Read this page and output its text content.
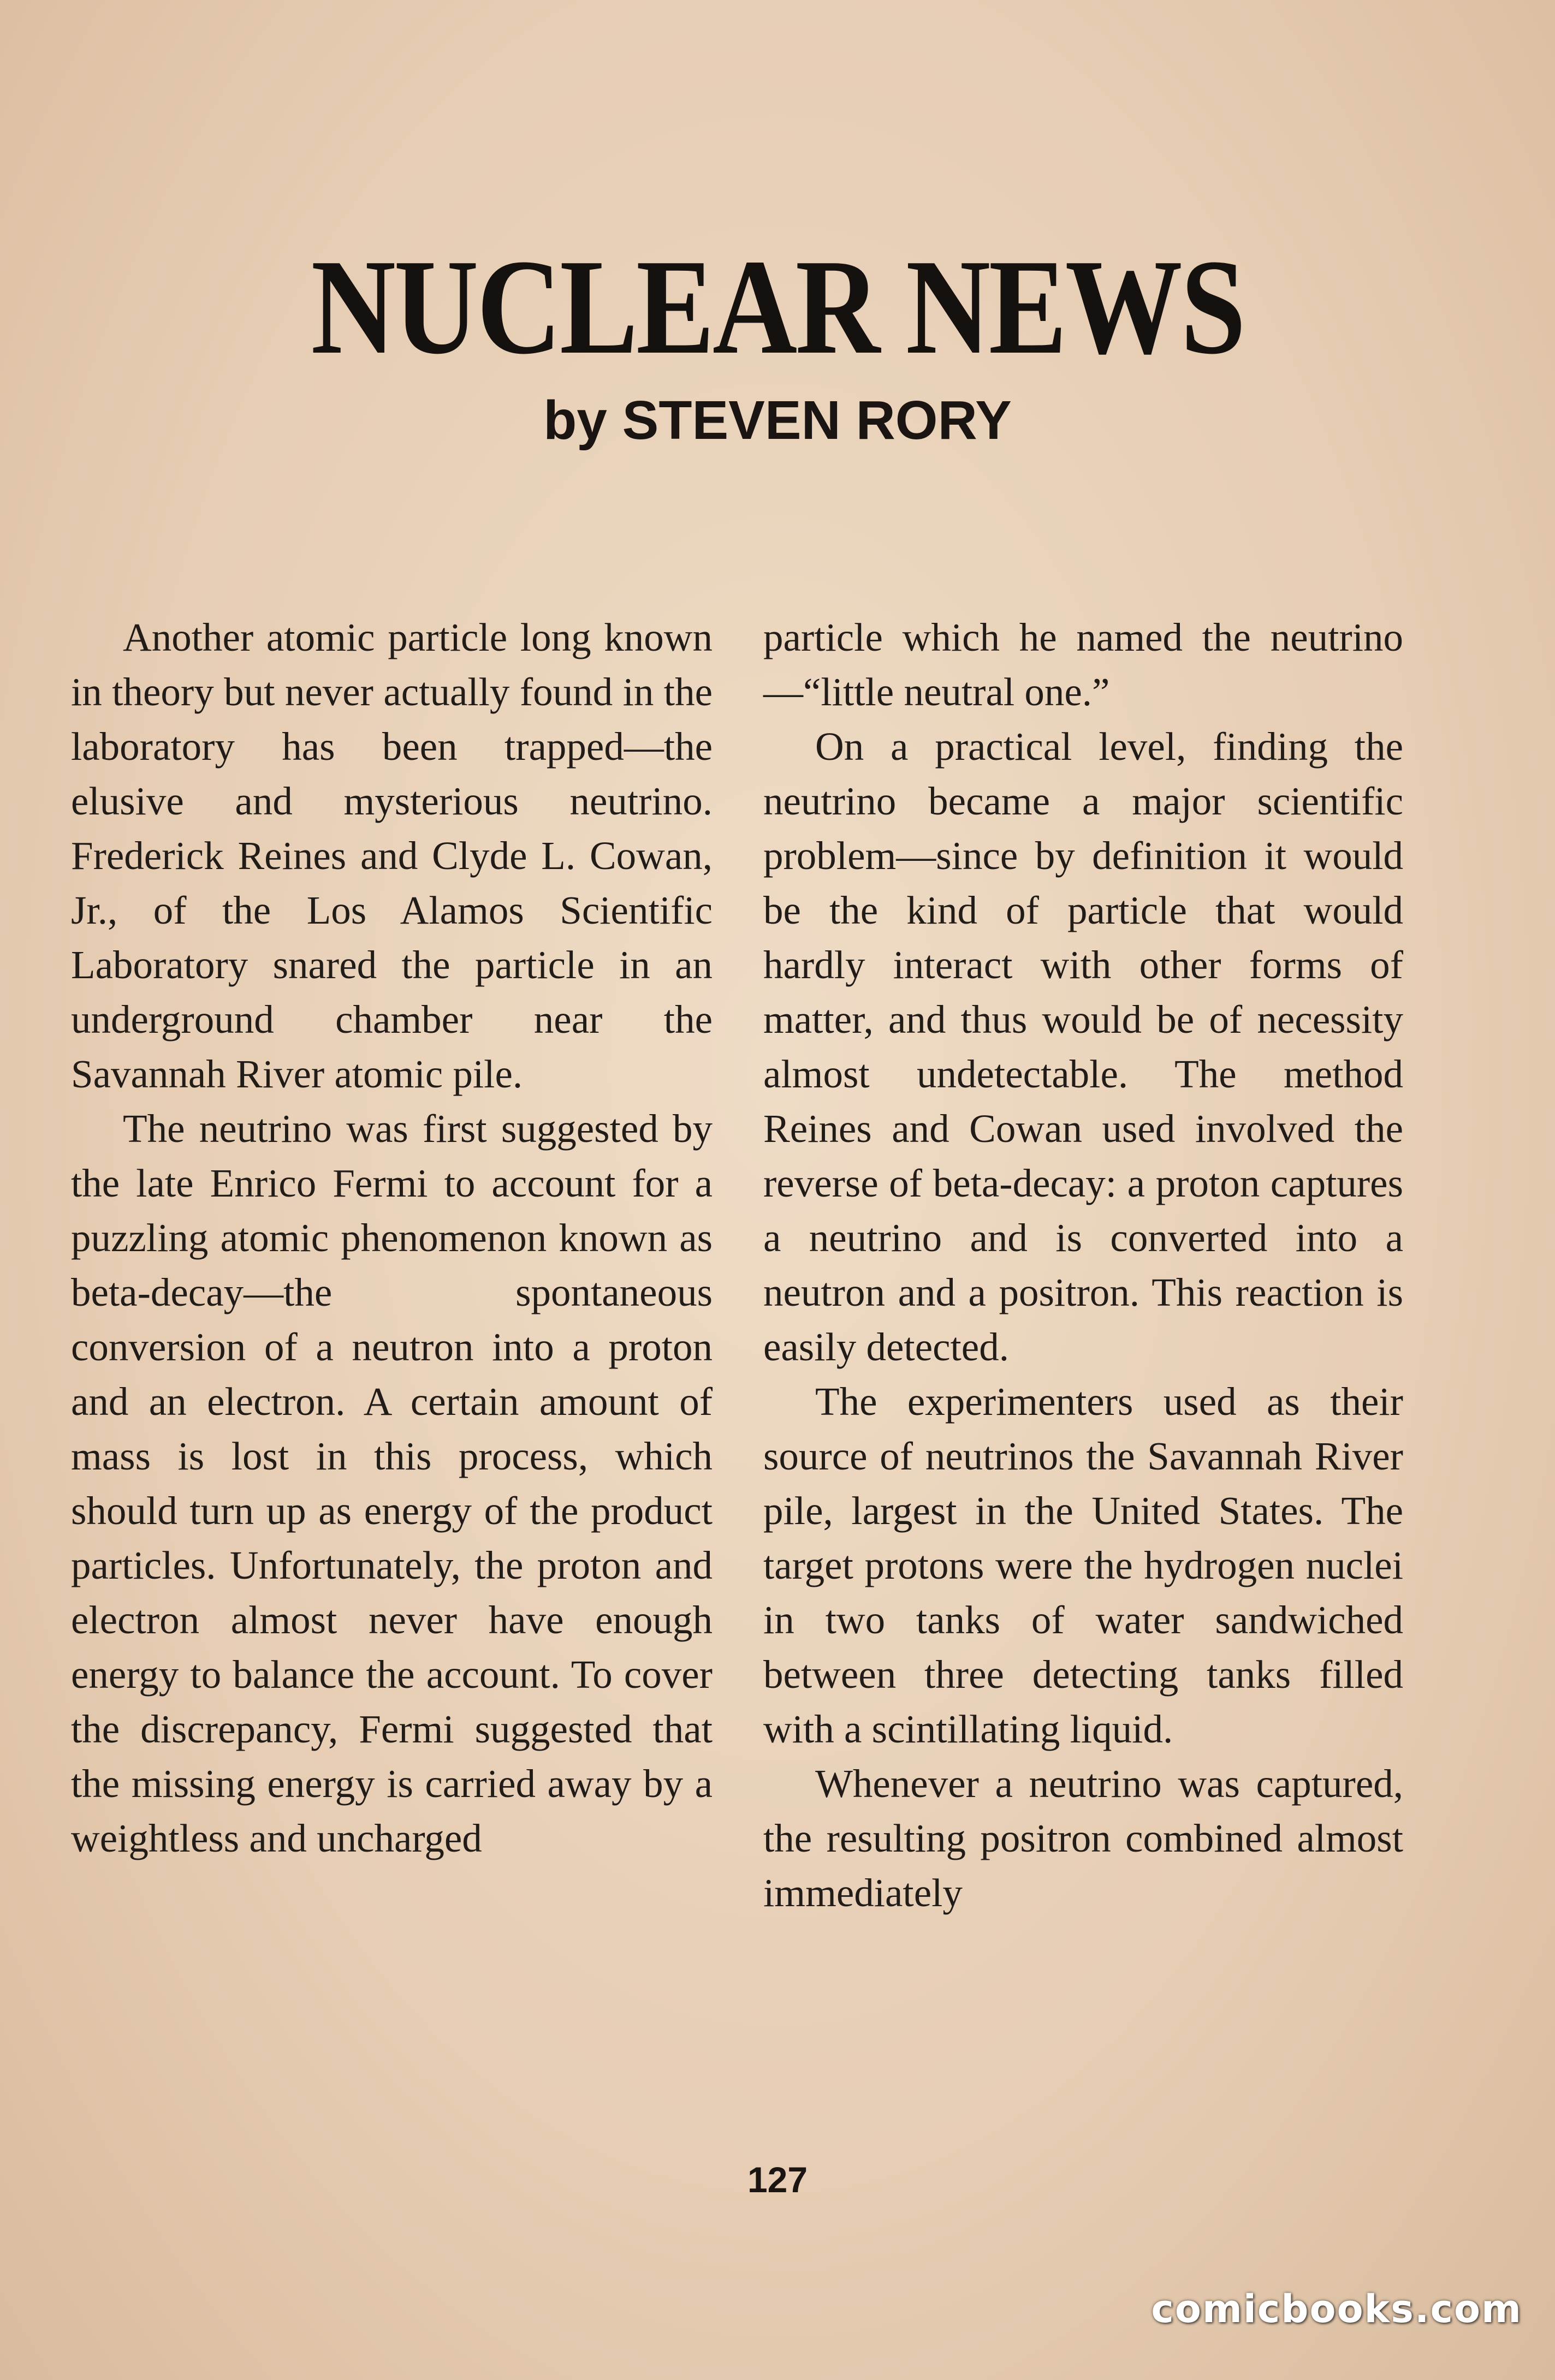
NUCLEAR NEWS
by STEVEN RORY

Another atomic particle long known in theory but never actually found in the laboratory has been trapped—the elusive and mysterious neutrino. Frederick Reines and Clyde L. Cowan, Jr., of the Los Alamos Scientific Laboratory snared the particle in an underground chamber near the Savannah River atomic pile.

The neutrino was first suggested by the late Enrico Fermi to account for a puzzling atomic phenomenon known as beta-decay—the spontaneous conversion of a neutron into a proton and an electron. A certain amount of mass is lost in this process, which should turn up as energy of the product particles. Unfortunately, the proton and electron almost never have enough energy to balance the account. To cover the discrepancy, Fermi suggested that the missing energy is carried away by a weightless and uncharged

particle which he named the neutrino—“little neutral one.”

On a practical level, finding the neutrino became a major scientific problem—since by definition it would be the kind of particle that would hardly interact with other forms of matter, and thus would be of necessity almost undetectable. The method Reines and Cowan used involved the reverse of beta-decay: a proton captures a neutrino and is converted into a neutron and a positron. This reaction is easily detected.

The experimenters used as their source of neutrinos the Savannah River pile, largest in the United States. The target protons were the hydrogen nuclei in two tanks of water sandwiched between three detecting tanks filled with a scintillating liquid.

Whenever a neutrino was captured, the resulting positron combined almost immediately

127
comicbooks.com
